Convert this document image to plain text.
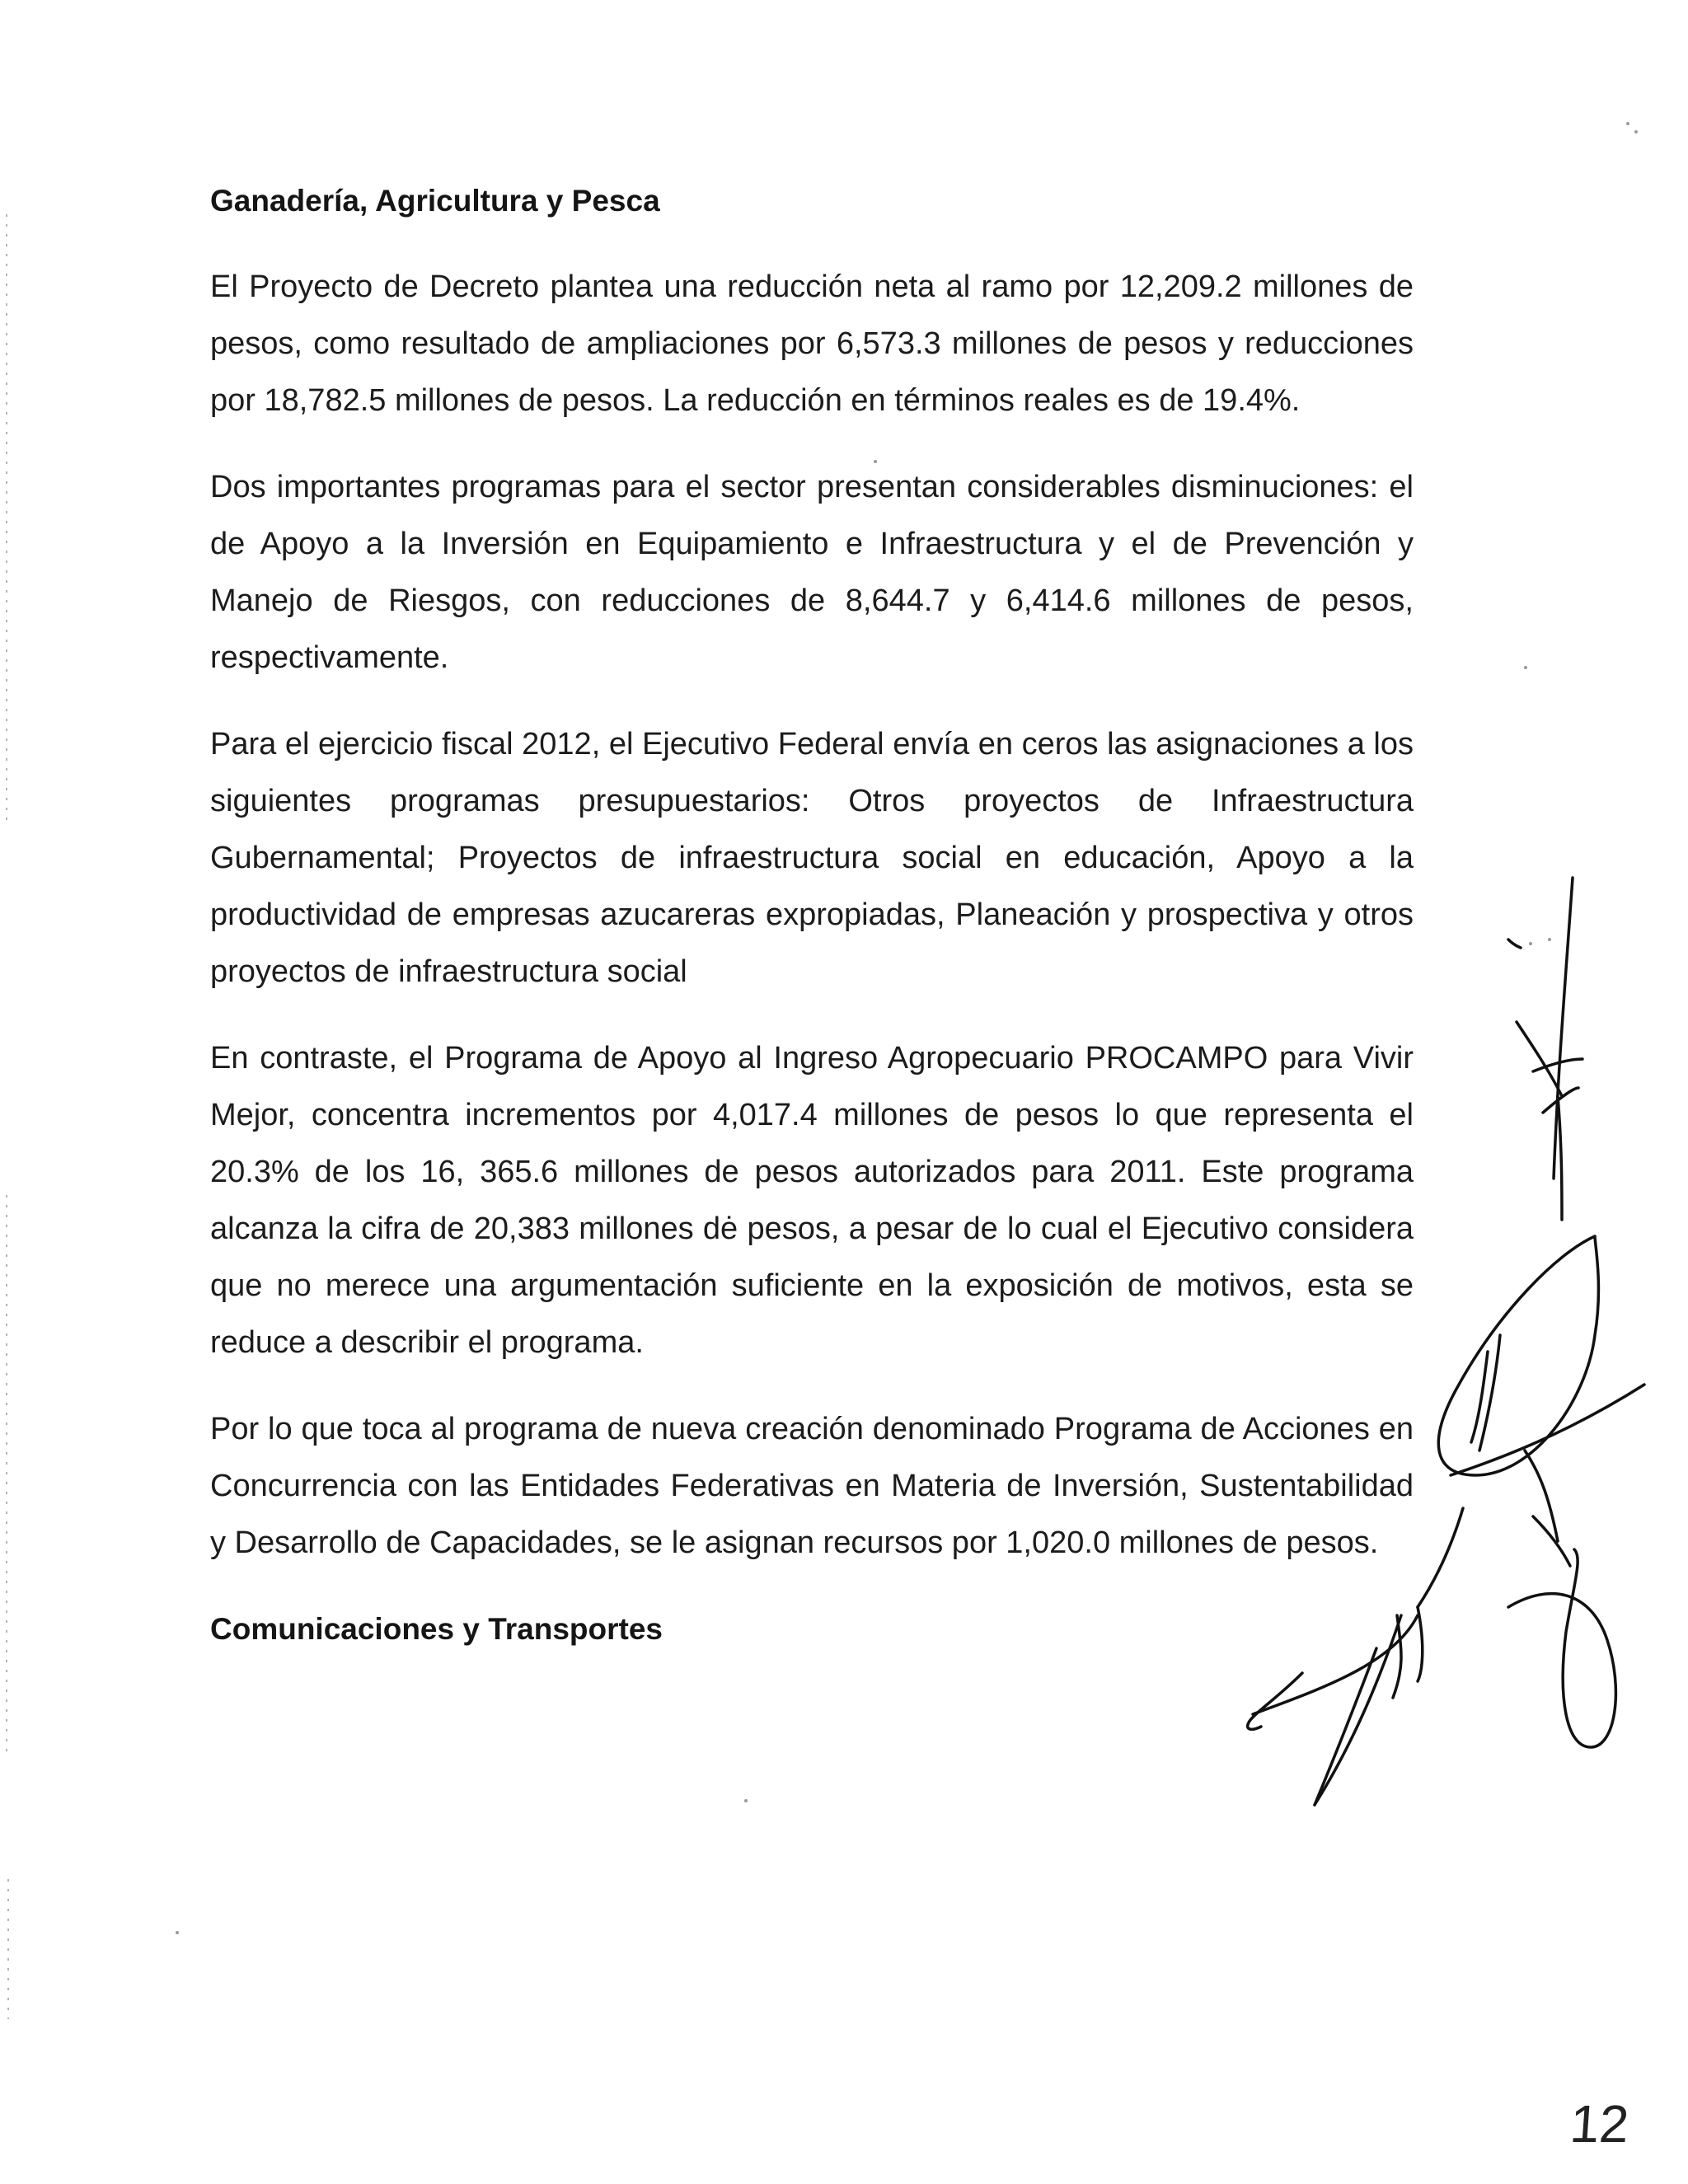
Ganadería, Agricultura y Pesca

El Proyecto de Decreto plantea una reducción neta al ramo por 12,209.2 millones de pesos, como resultado de ampliaciones por 6,573.3 millones de pesos y reducciones por 18,782.5 millones de pesos. La reducción en términos reales es de 19.4%.

Dos importantes programas para el sector presentan considerables disminuciones: el de Apoyo a la Inversión en Equipamiento e Infraestructura y el de Prevención y Manejo de Riesgos, con reducciones de 8,644.7 y 6,414.6 millones de pesos, respectivamente.

Para el ejercicio fiscal 2012, el Ejecutivo Federal envía en ceros las asignaciones a los siguientes programas presupuestarios: Otros proyectos de Infraestructura Gubernamental; Proyectos de infraestructura social en educación, Apoyo a la productividad de empresas azucareras expropiadas, Planeación y prospectiva y otros proyectos de infraestructura social

En contraste, el Programa de Apoyo al Ingreso Agropecuario PROCAMPO para Vivir Mejor, concentra incrementos por 4,017.4 millones de pesos lo que representa el 20.3% de los 16, 365.6 millones de pesos autorizados para 2011. Este programa alcanza la cifra de 20,383 millones dė pesos, a pesar de lo cual el Ejecutivo considera que no merece una argumentación suficiente en la exposición de motivos, esta se reduce a describir el programa.

Por lo que toca al programa de nueva creación denominado Programa de Acciones en Concurrencia con las Entidades Federativas en Materia de Inversión, Sustentabilidad y Desarrollo de Capacidades, se le asignan recursos por 1,020.0 millones de pesos.

Comunicaciones y Transportes

12
